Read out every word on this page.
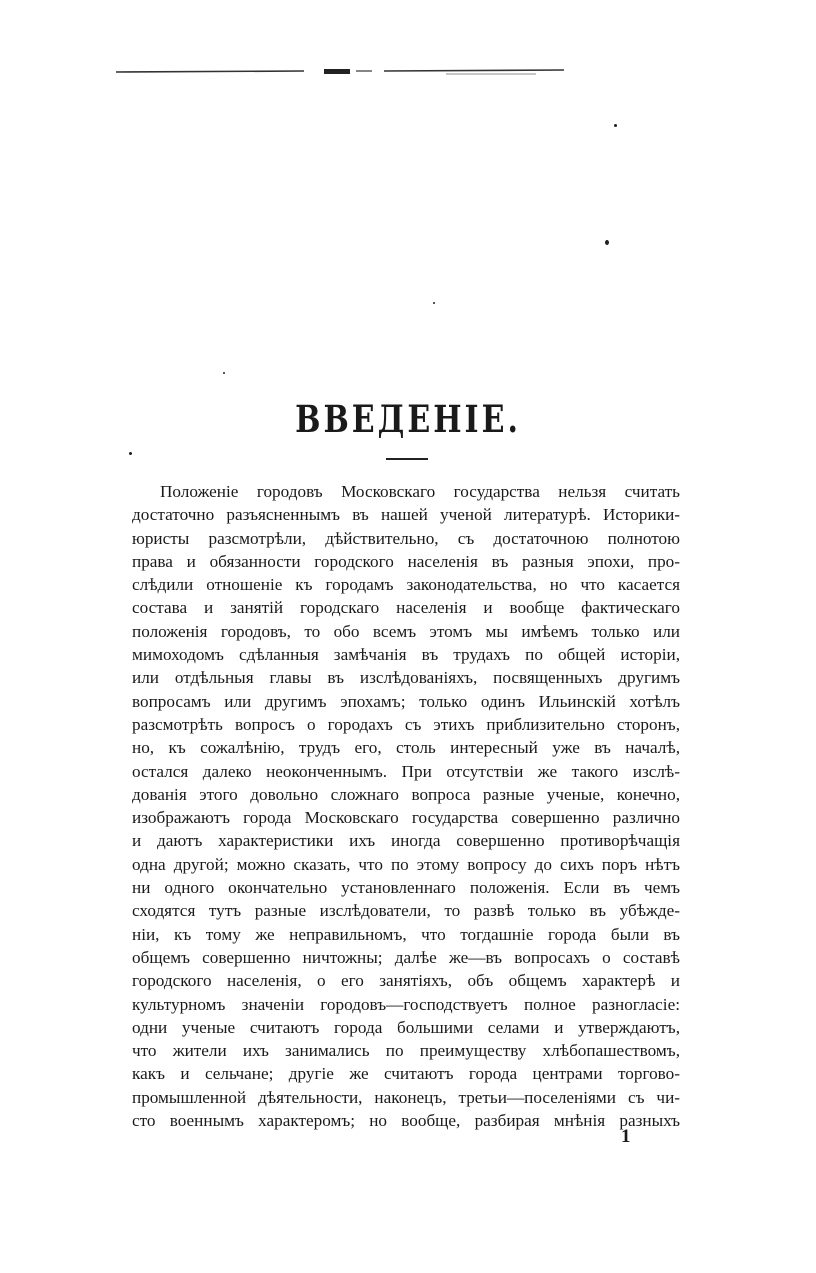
ВВЕДЕНІЕ.
Положеніе городовъ Московскаго государства нельзя считать
достаточно разъясненнымъ въ нашей ученой литературѣ. Историки-
юристы разсмотрѣли, дѣйствительно, съ достаточною полнотою
права и обязанности городского населенія въ разныя эпохи, про-
слѣдили отношеніе къ городамъ законодательства, но что касается
состава и занятій городскаго населенія и вообще фактическаго
положенія городовъ, то обо всемъ этомъ мы имѣемъ только или
мимоходомъ сдѣланныя замѣчанія въ трудахъ по общей исторіи,
или отдѣльныя главы въ изслѣдованіяхъ, посвященныхъ другимъ
вопросамъ или другимъ эпохамъ; только одинъ Ильинскій хотѣлъ
разсмотрѣть вопросъ о городахъ съ этихъ приблизительно сторонъ,
но, къ сожалѣнію, трудъ его, столь интересный уже въ началѣ,
остался далеко неоконченнымъ. При отсутствіи же такого изслѣ-
дованія этого довольно сложнаго вопроса разные ученые, конечно,
изображаютъ города Московскаго государства совершенно различно
и даютъ характеристики ихъ иногда совершенно противорѣчащія
одна другой; можно сказать, что по этому вопросу до сихъ поръ нѣтъ
ни одного окончательно установленнаго положенія. Если въ чемъ
сходятся тутъ разные изслѣдователи, то развѣ только въ убѣжде-
ніи, къ тому же неправильномъ, что тогдашніе города были въ
общемъ совершенно ничтожны; далѣе же—въ вопросахъ о составѣ
городского населенія, о его занятіяхъ, объ общемъ характерѣ и
культурномъ значеніи городовъ—господствуетъ полное разногласіе:
одни ученые считаютъ города большими селами и утверждаютъ,
что жители ихъ занимались по преимуществу хлѣбопашествомъ,
какъ и сельчане; другіе же считаютъ города центрами торгово-
промышленной дѣятельности, наконецъ, третьи—поселеніями съ чи-
сто военнымъ характеромъ; но вообще, разбирая мнѣнія разныхъ
1
